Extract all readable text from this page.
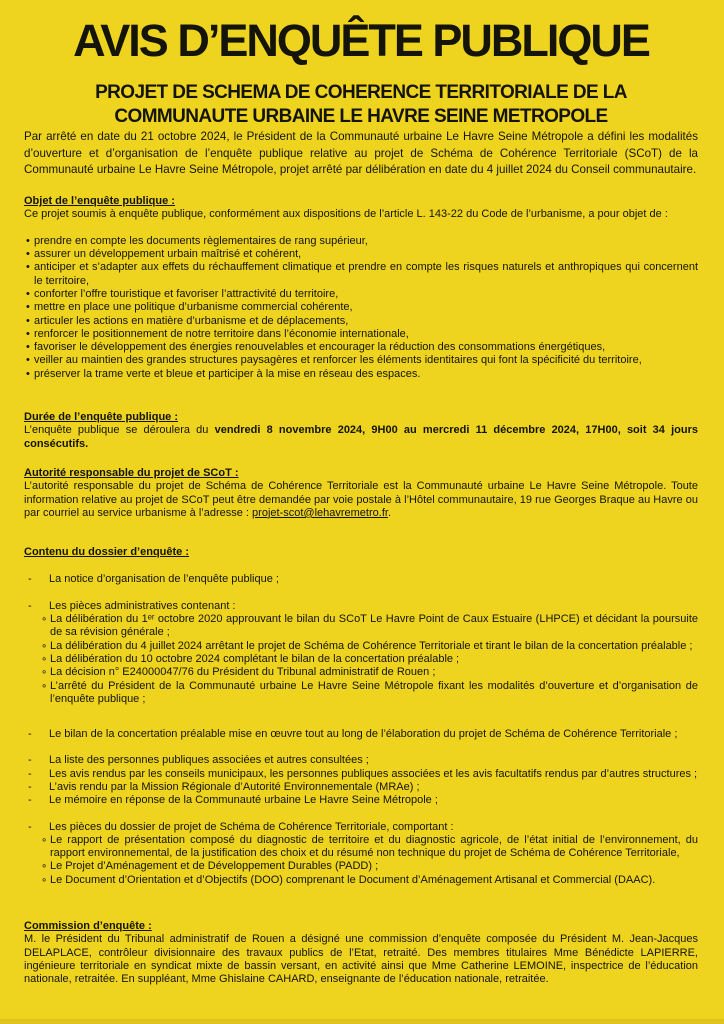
AVIS D’ENQUÊTE PUBLIQUE
PROJET DE SCHEMA DE COHERENCE TERRITORIALE DE LA
COMMUNAUTE URBAINE LE HAVRE SEINE METROPOLE

Par arrêté en date du 21 octobre 2024, le Président de la Communauté urbaine Le Havre Seine Métropole a défini les modalités d’ouverture et d’organisation de l’enquête publique relative au projet de Schéma de Cohérence Territoriale (SCoT) de la Communauté urbaine Le Havre Seine Métropole, projet arrêté par délibération en date du 4 juillet 2024 du Conseil communautaire.

Objet de l’enquête publique :

Ce projet soumis à enquête publique, conformément aux dispositions de l’article L. 143-22 du Code de l’urbanisme, a pour objet de :

• prendre en compte les documents règlementaires de rang supérieur,
• assurer un développement urbain maîtrisé et cohérent,
• anticiper et s’adapter aux effets du réchauffement climatique et prendre en compte les risques naturels et anthropiques qui concernent le territoire,
• conforter l’offre touristique et favoriser l’attractivité du territoire,
• mettre en place une politique d’urbanisme commercial cohérente,
• articuler les actions en matière d’urbanisme et de déplacements,
• renforcer le positionnement de notre territoire dans l’économie internationale,
• favoriser le développement des énergies renouvelables et encourager la réduction des consommations énergétiques,
• veiller au maintien des grandes structures paysagères et renforcer les éléments identitaires qui font la spécificité du territoire,
• préserver la trame verte et bleue et participer à la mise en réseau des espaces.
Durée de l’enquête publique :

L’enquête publique se déroulera du vendredi 8 novembre 2024, 9H00 au mercredi 11 décembre 2024, 17H00, soit 34 jours consécutifs.

Autorité responsable du projet de SCoT :

L’autorité responsable du projet de Schéma de Cohérence Territoriale est la Communauté urbaine Le Havre Seine Métropole. Toute information relative au projet de SCoT peut être demandée par voie postale à l’Hôtel communautaire, 19 rue Georges Braque au Havre ou par courriel au service urbanisme à l’adresse : projet-scot@lehavremetro.fr.

Contenu du dossier d’enquête :
-	La notice d’organisation de l’enquête publique ;
-	Les pièces administratives contenant :
∘ La délibération du 1ᵉʳ octobre 2020 approuvant le bilan du SCoT Le Havre Point de Caux Estuaire (LHPCE) et décidant la poursuite de sa révision générale ;
∘ La délibération du 4 juillet 2024 arrêtant le projet de Schéma de Cohérence Territoriale et tirant le bilan de la concertation préalable ;
∘ La délibération du 10 octobre 2024 complétant le bilan de la concertation préalable ;
∘ La décision n° E24000047/76 du Président du Tribunal administratif de Rouen ;
∘ L’arrêté du Président de la Communauté urbaine Le Havre Seine Métropole fixant les modalités d’ouverture et d’organisation de l’enquête publique ;
-	Le bilan de la concertation préalable mise en œuvre tout au long de l’élaboration du projet de Schéma de Cohérence Territoriale ;
-	La liste des personnes publiques associées et autres consultées ;
-	Les avis rendus par les conseils municipaux, les personnes publiques associées et les avis facultatifs rendus par d’autres structures ;
-	L’avis rendu par la Mission Régionale d’Autorité Environnementale (MRAe) ;
-	Le mémoire en réponse de la Communauté urbaine Le Havre Seine Métropole ;
-	Les pièces du dossier de projet de Schéma de Cohérence Territoriale, comportant :
∘ Le rapport de présentation composé du diagnostic de territoire et du diagnostic agricole, de l’état initial de l’environnement, du rapport environnemental, de la justification des choix et du résumé non technique du projet de Schéma de Cohérence Territoriale,
∘ Le Projet d’Aménagement et de Développement Durables (PADD) ;
∘ Le Document d’Orientation et d’Objectifs (DOO) comprenant le Document d’Aménagement Artisanal et Commercial (DAAC).
Commission d’enquête :

M. le Président du Tribunal administratif de Rouen a désigné une commission d’enquête composée du Président M. Jean-Jacques DELAPLACE, contrôleur divisionnaire des travaux publics de l’Etat, retraité. Des membres titulaires Mme Bénédicte LAPIERRE, ingénieure territoriale en syndicat mixte de bassin versant, en activité ainsi que Mme Catherine LEMOINE, inspectrice de l’éducation nationale, retraitée. En suppléant, Mme Ghislaine CAHARD, enseignante de l’éducation nationale, retraitée.
